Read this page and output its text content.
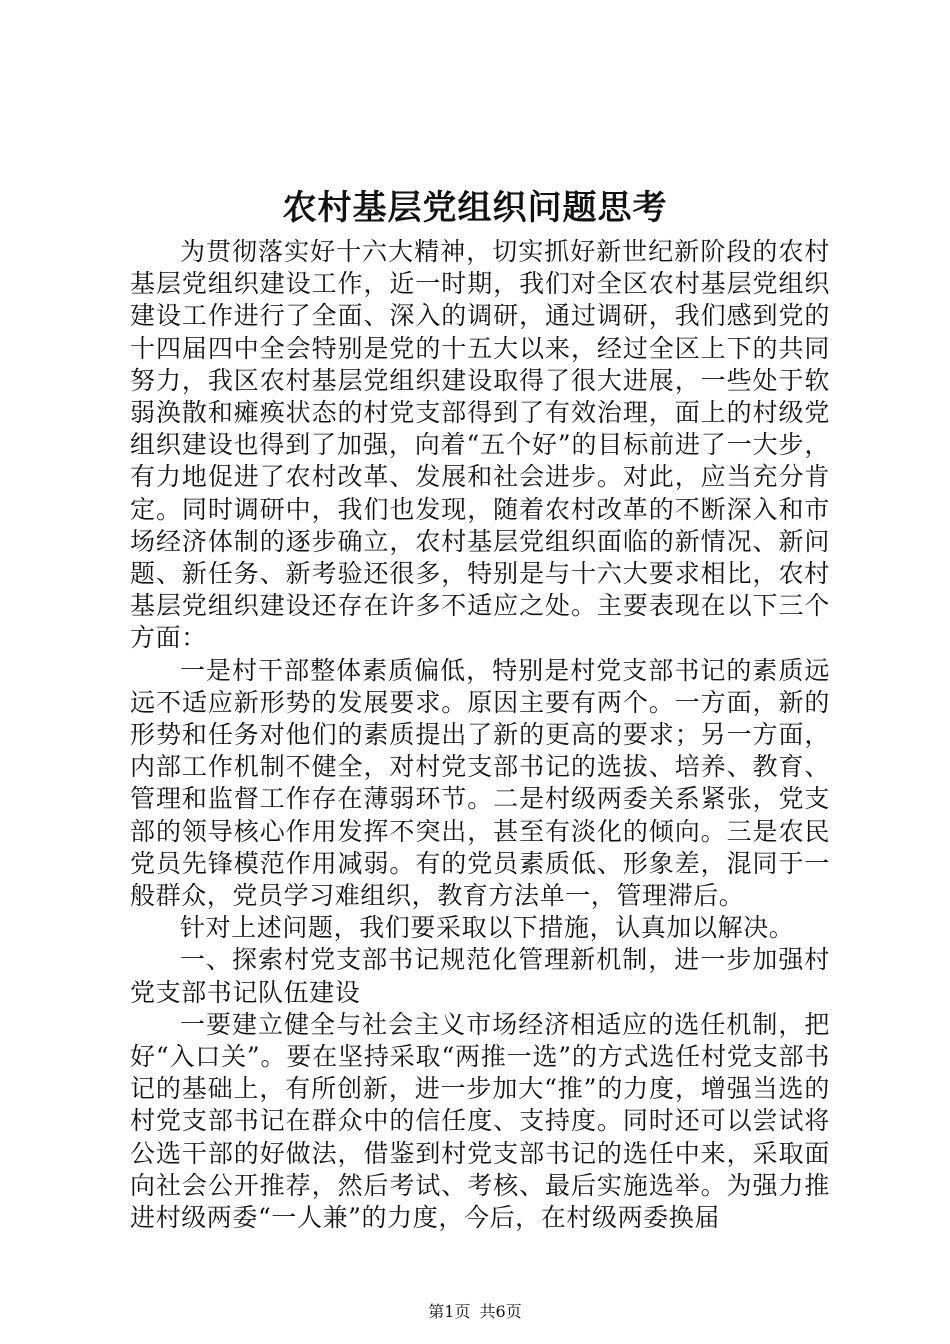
农村基层党组织问题思考

为贯彻落实好十六大精神，切实抓好新世纪新阶段的农村基层党组织建设工作，近一时期，我们对全区农村基层党组织建设工作进行了全面、深入的调研，通过调研，我们感到党的十四届四中全会特别是党的十五大以来，经过全区上下的共同努力，我区农村基层党组织建设取得了很大进展，一些处于软弱涣散和瘫痪状态的村党支部得到了有效治理，面上的村级党组织建设也得到了加强，向着“五个好”的目标前进了一大步，有力地促进了农村改革、发展和社会进步。对此，应当充分肯定。同时调研中，我们也发现，随着农村改革的不断深入和市场经济体制的逐步确立，农村基层党组织面临的新情况、新问题、新任务、新考验还很多，特别是与十六大要求相比，农村基层党组织建设还存在许多不适应之处。主要表现在以下三个方面：

一是村干部整体素质偏低，特别是村党支部书记的素质远远不适应新形势的发展要求。原因主要有两个。一方面，新的形势和任务对他们的素质提出了新的更高的要求；另一方面，内部工作机制不健全，对村党支部书记的选拔、培养、教育、管理和监督工作存在薄弱环节。二是村级两委关系紧张，党支部的领导核心作用发挥不突出，甚至有淡化的倾向。三是农民党员先锋模范作用减弱。有的党员素质低、形象差，混同于一般群众，党员学习难组织，教育方法单一，管理滞后。

针对上述问题，我们要采取以下措施，认真加以解决。

一、探索村党支部书记规范化管理新机制，进一步加强村党支部书记队伍建设

一要建立健全与社会主义市场经济相适应的选任机制，把好“入口关”。要在坚持采取“两推一选”的方式选任村党支部书记的基础上，有所创新，进一步加大“推”的力度，增强当选的村党支部书记在群众中的信任度、支持度。同时还可以尝试将公选干部的好做法，借鉴到村党支部书记的选任中来，采取面向社会公开推荐，然后考试、考核、最后实施选举。为强力推进村级两委“一人兼”的力度，今后，在村级两委换届

第1页 共6页
